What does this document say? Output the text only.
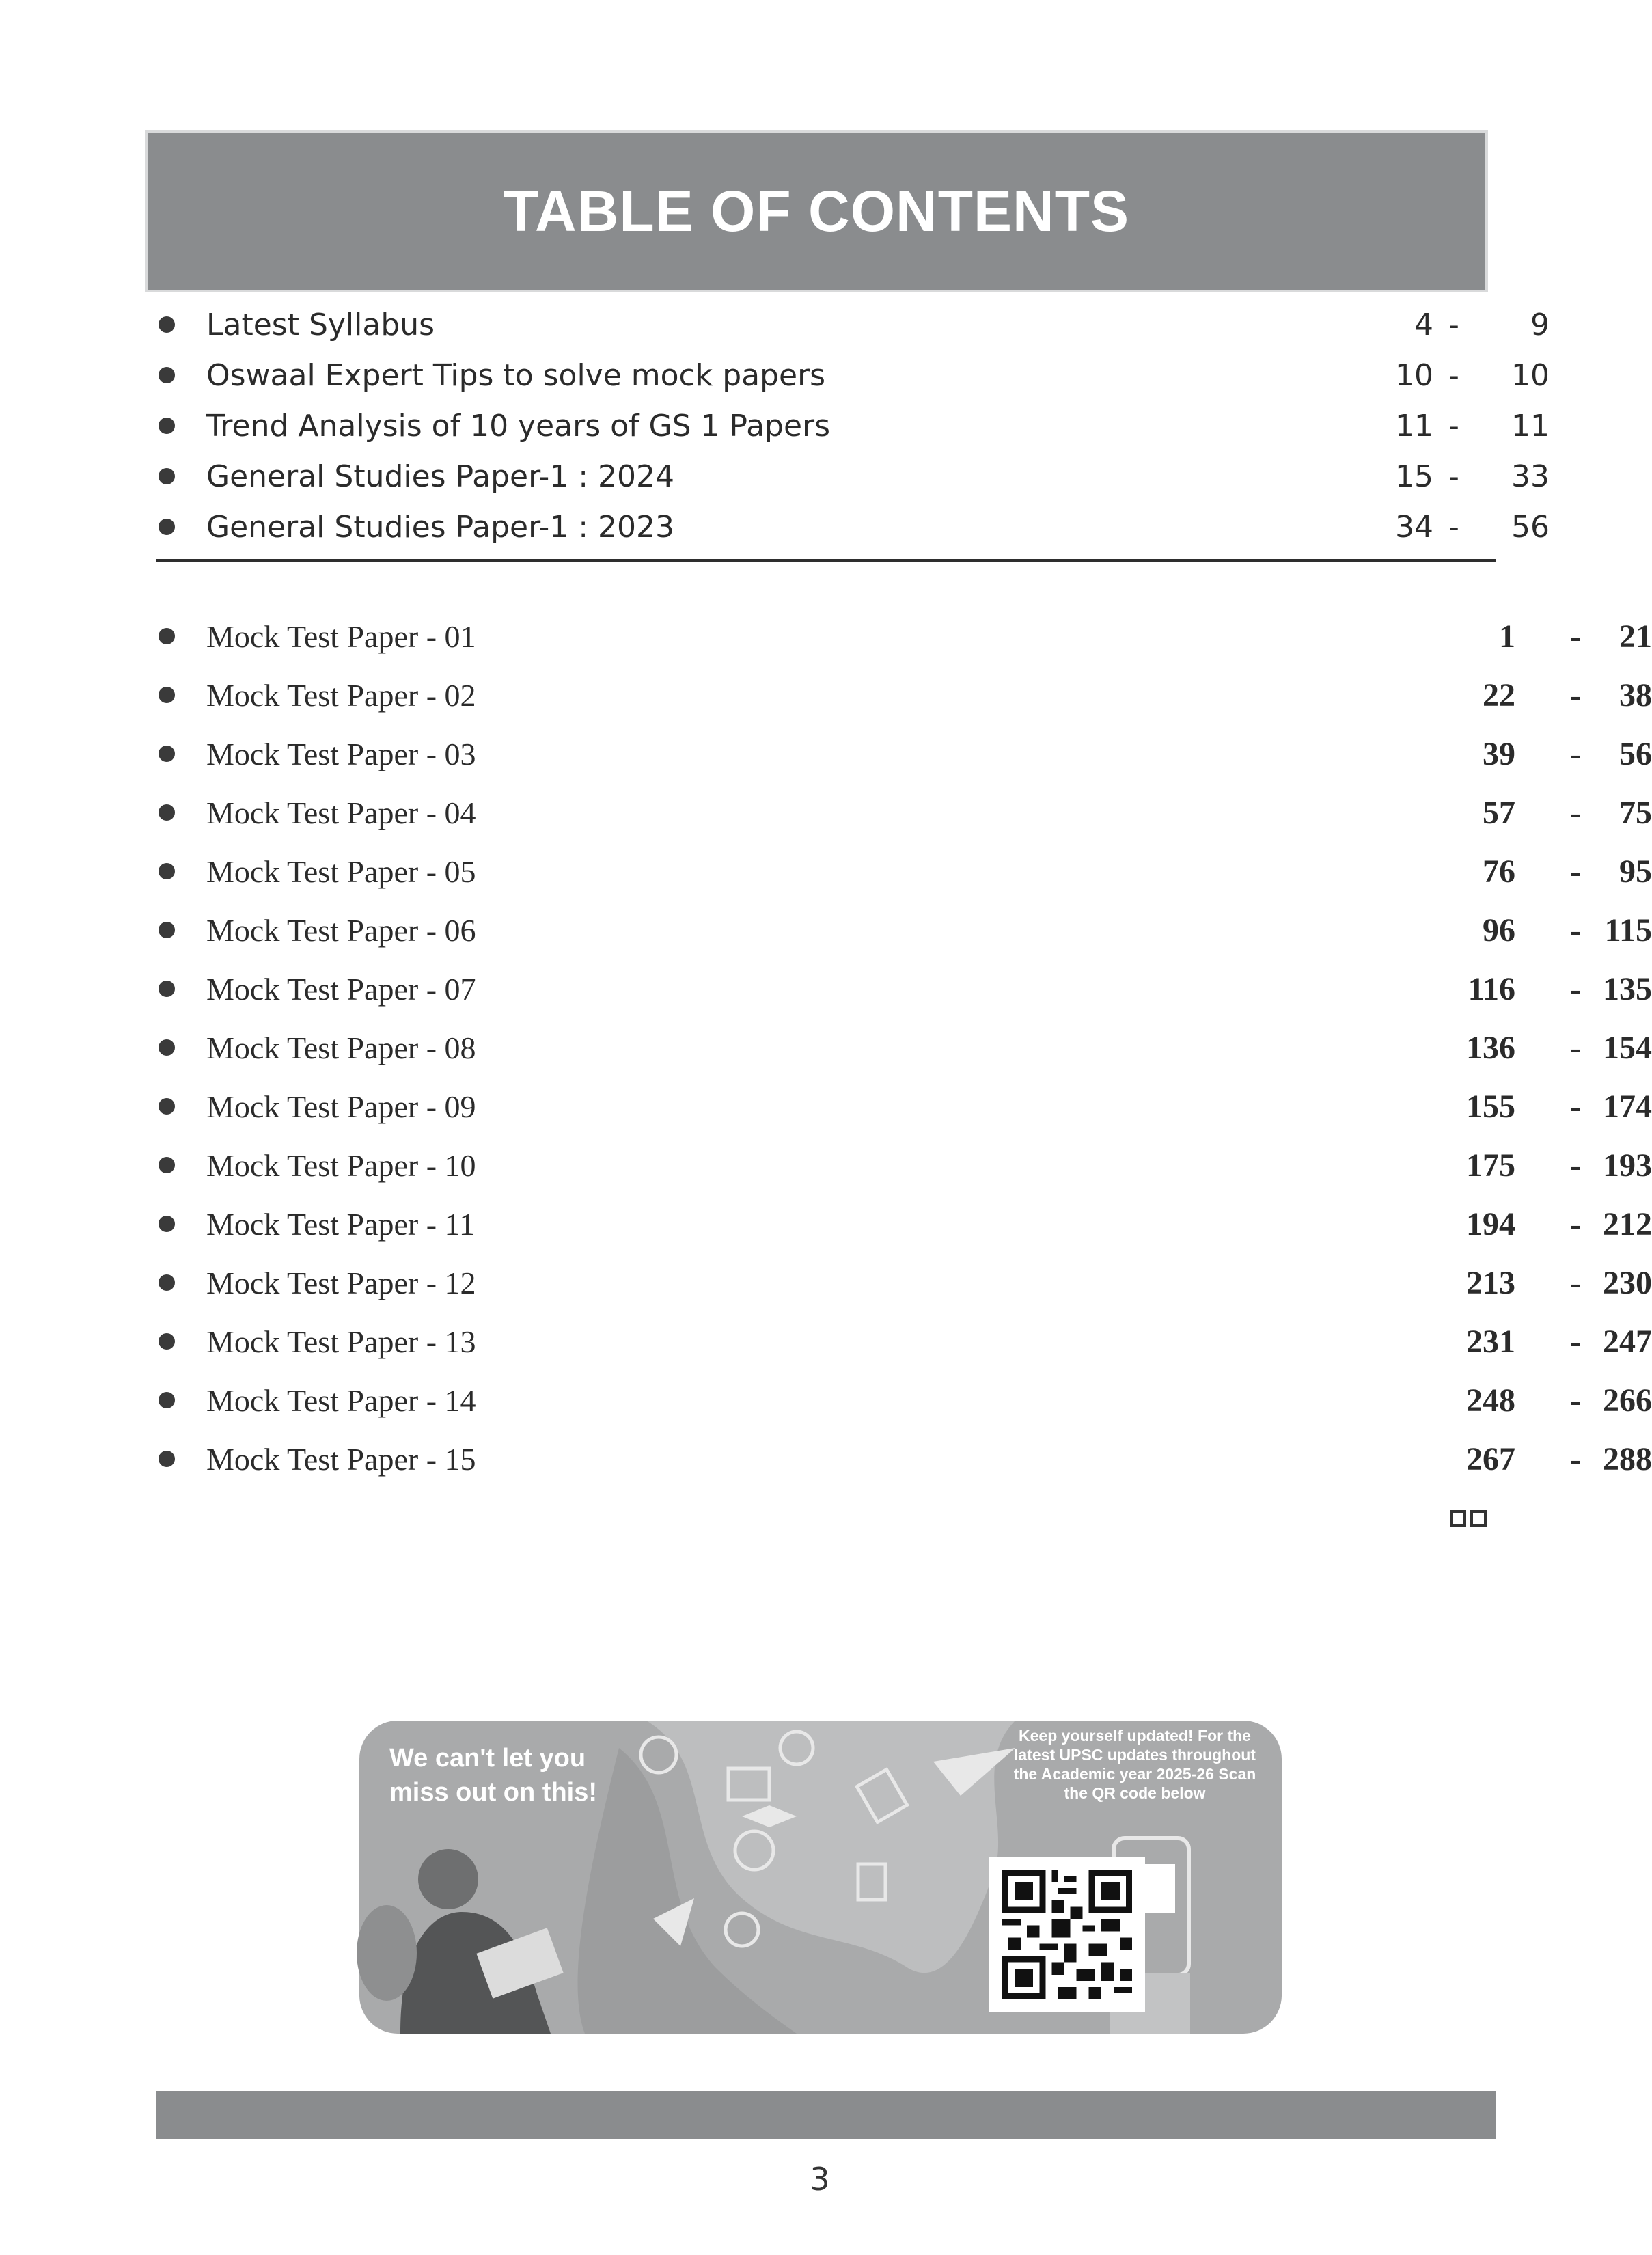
TABLE OF CONTENTS
Latest Syllabus	4 - 9
Oswaal Expert Tips to solve mock papers	10 - 10
Trend Analysis of 10 years of GS 1 Papers	11 - 11
General Studies Paper-1 : 2024	15 - 33
General Studies Paper-1 : 2023	34 - 56
Mock Test Paper - 01	1 - 21
Mock Test Paper - 02	22 - 38
Mock Test Paper - 03	39 - 56
Mock Test Paper - 04	57 - 75
Mock Test Paper - 05	76 - 95
Mock Test Paper - 06	96 - 115
Mock Test Paper - 07	116 - 135
Mock Test Paper - 08	136 - 154
Mock Test Paper - 09	155 - 174
Mock Test Paper - 10	175 - 193
Mock Test Paper - 11	194 - 212
Mock Test Paper - 12	213 - 230
Mock Test Paper - 13	231 - 247
Mock Test Paper - 14	248 - 266
Mock Test Paper - 15	267 - 288
We can't let you miss out on this!
Keep yourself updated! For the latest UPSC updates throughout the Academic year 2025-26 Scan the QR code below
3
